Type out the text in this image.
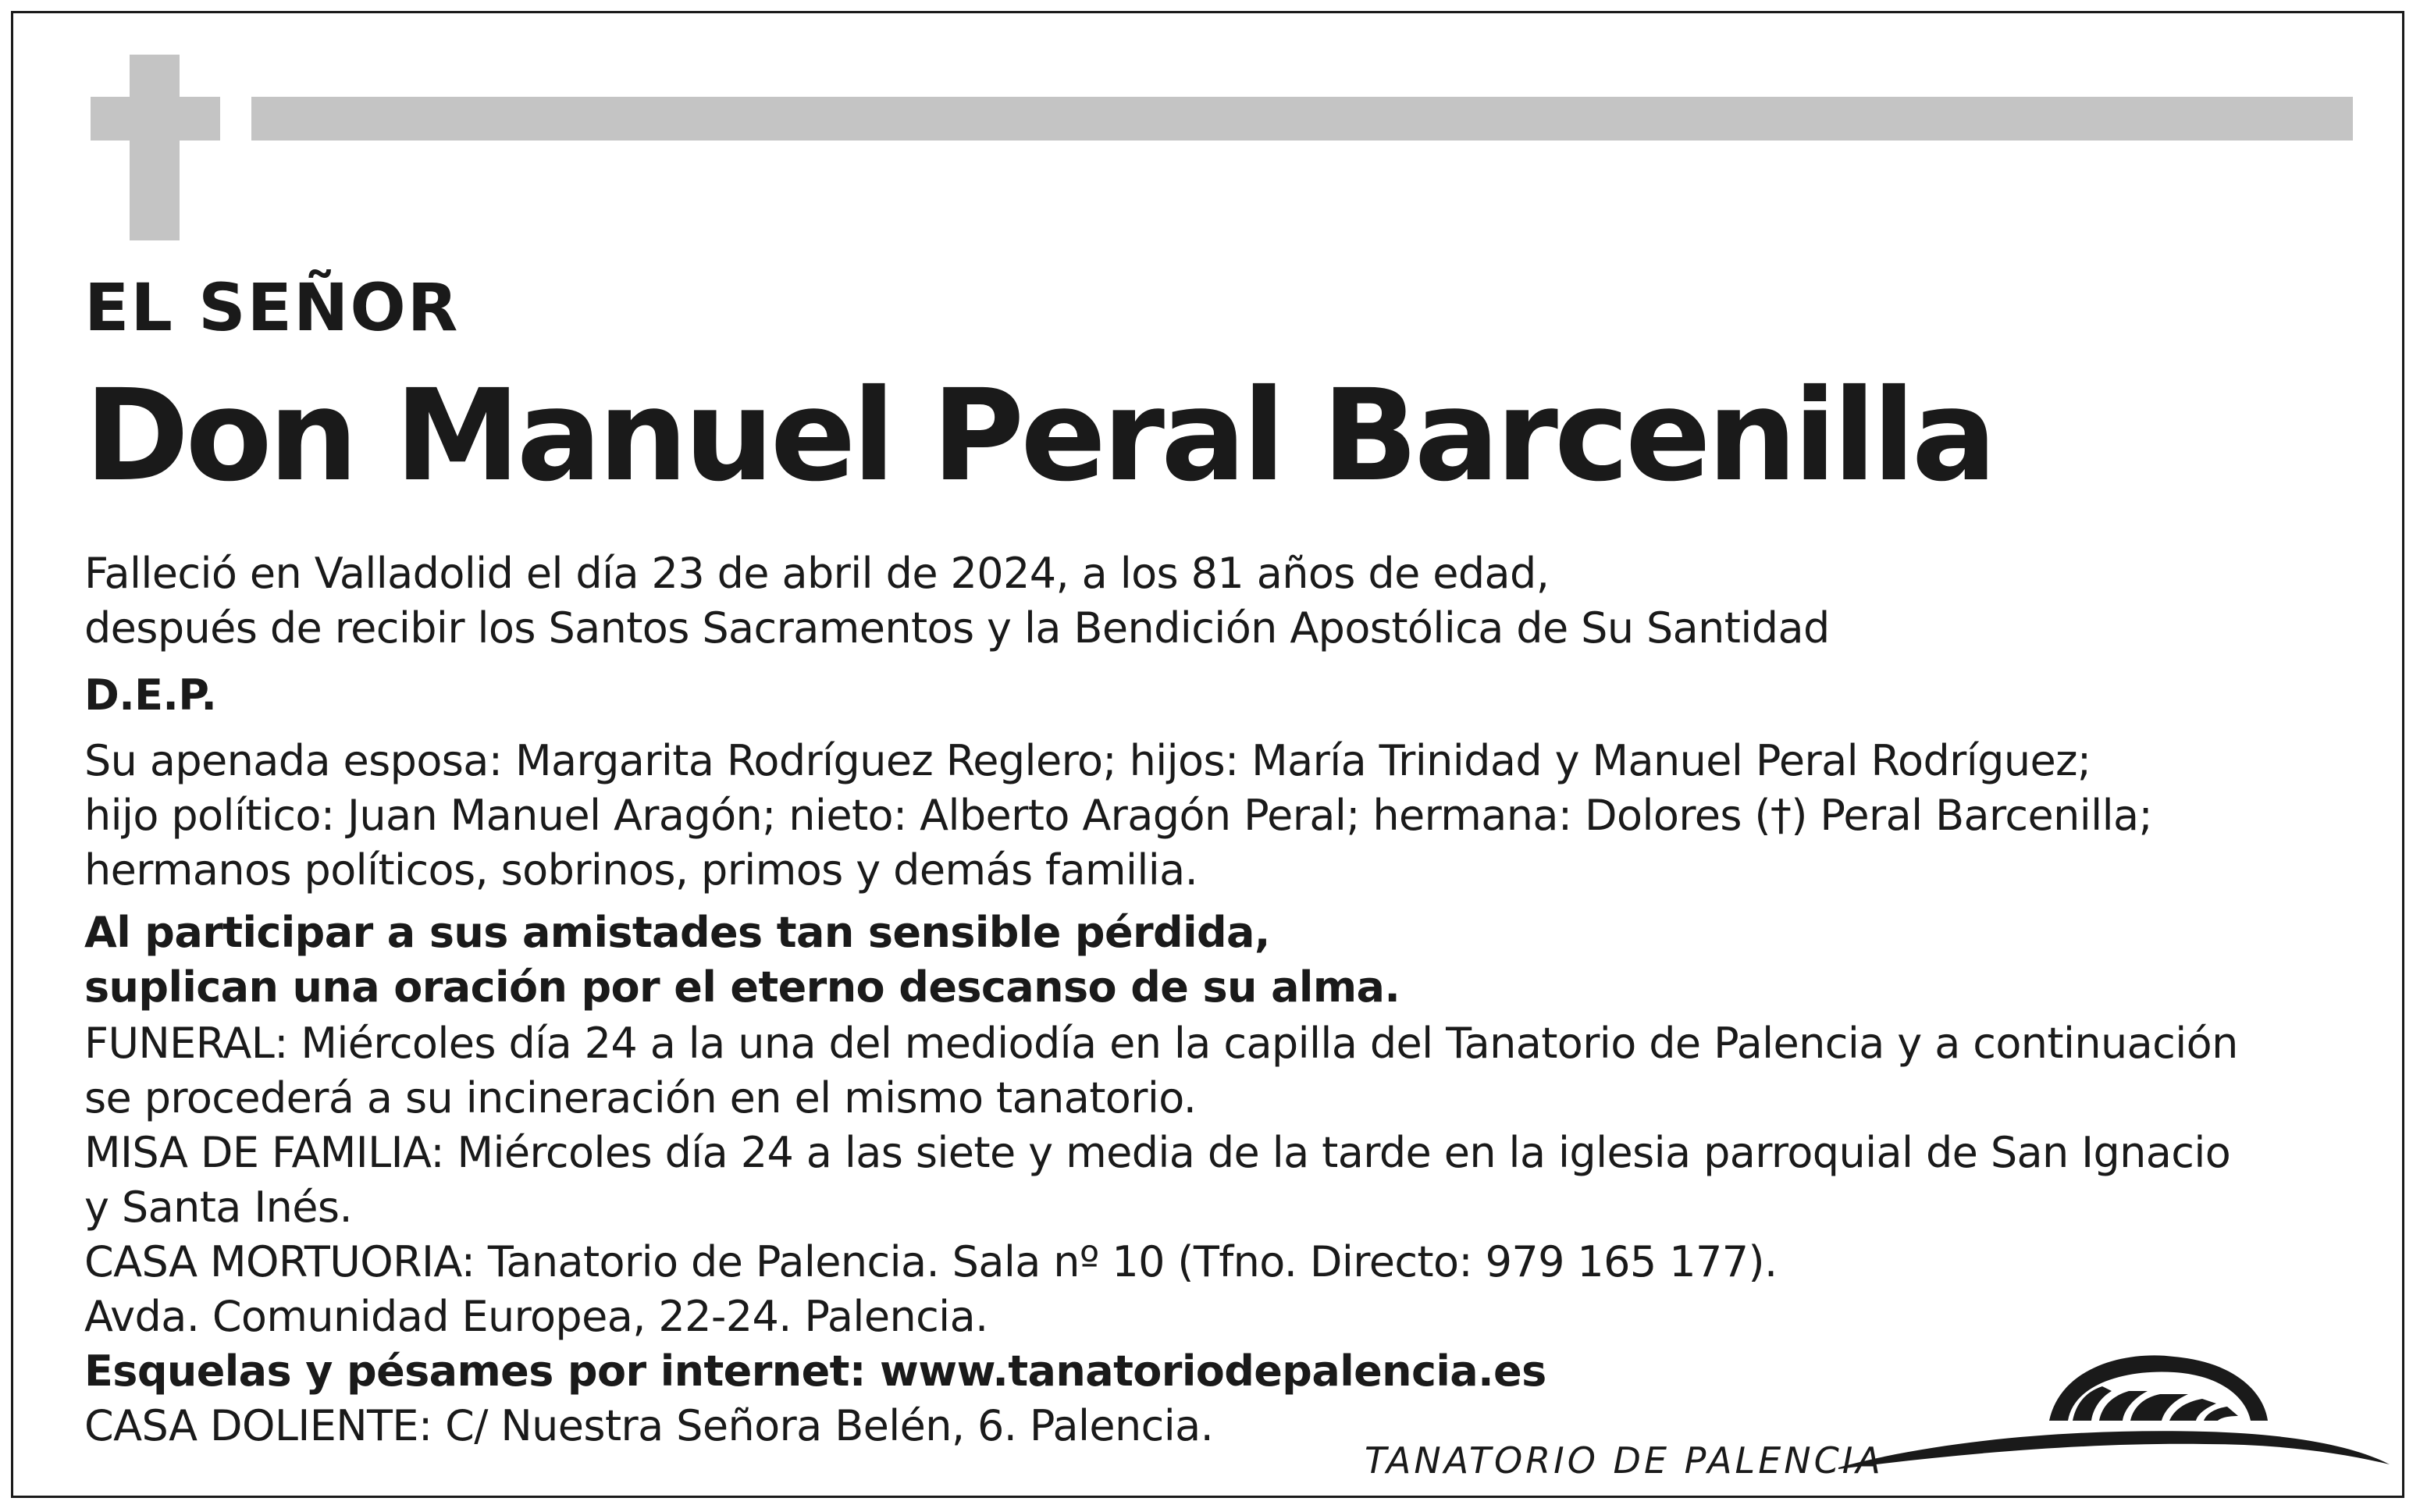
EL SEÑOR
Don Manuel Peral Barcenilla
Falleció en Valladolid el día 23 de abril de 2024, a los 81 años de edad,
después de recibir los Santos Sacramentos y la Bendición Apostólica de Su Santidad
D.E.P.
Su apenada esposa: Margarita Rodríguez Reglero; hijos: María Trinidad y Manuel Peral Rodríguez;
hijo político: Juan Manuel Aragón; nieto: Alberto Aragón Peral; hermana: Dolores (†) Peral Barcenilla;
hermanos políticos, sobrinos, primos y demás familia.
Al participar a sus amistades tan sensible pérdida,
suplican una oración por el eterno descanso de su alma.
FUNERAL: Miércoles día 24 a la una del mediodía en la capilla del Tanatorio de Palencia y a continuación
se procederá a su incineración en el mismo tanatorio.
MISA DE FAMILIA: Miércoles día 24 a las siete y media de la tarde en la iglesia parroquial de San Ignacio
y Santa Inés.
CASA MORTUORIA: Tanatorio de Palencia. Sala nº 10 (Tfno. Directo: 979 165 177).
Avda. Comunidad Europea, 22-24. Palencia.
Esquelas y pésames por internet: www.tanatoriodepalencia.es
CASA DOLIENTE: C/ Nuestra Señora Belén, 6. Palencia.
TANATORIO DE PALENCIA
